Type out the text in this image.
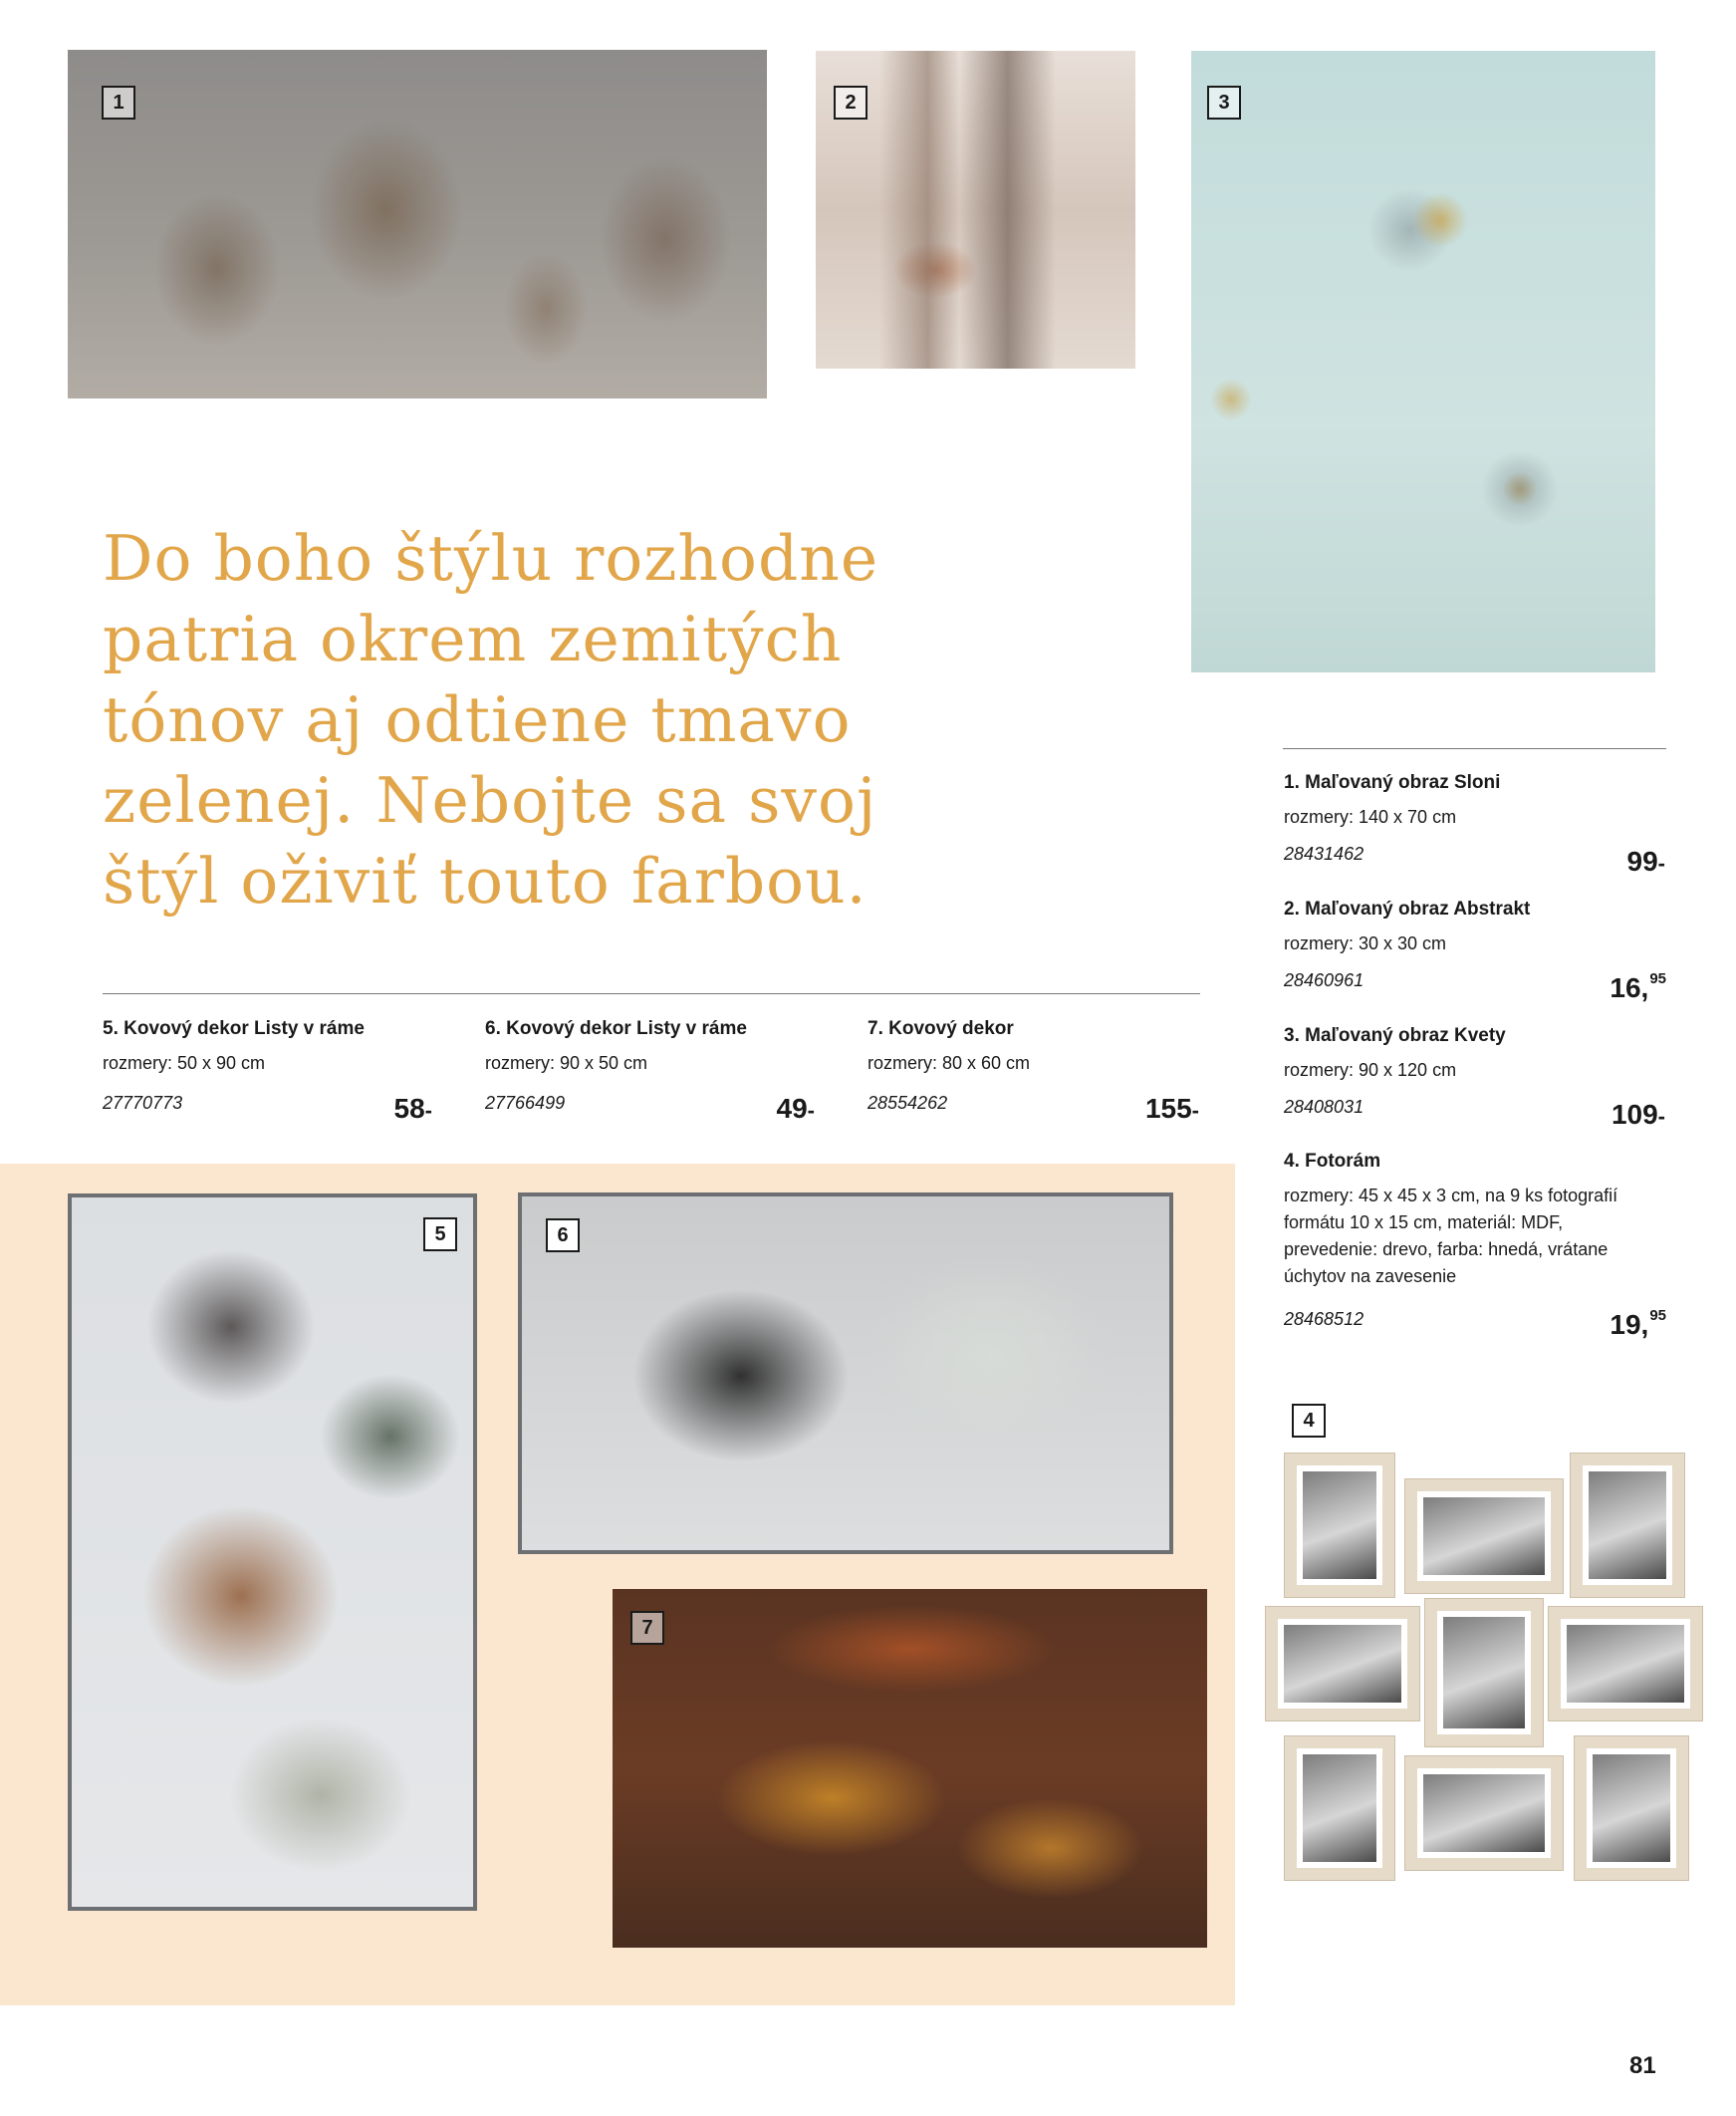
1	2	3
Do boho štýlu rozhodne
patria okrem zemitých
tónov aj odtiene tmavo
zelenej. Nebojte sa svoj
štýl oživiť touto farbou.
1. Maľovaný obraz Sloni
rozmery: 140 x 70 cm
28431462	99-
2. Maľovaný obraz Abstrakt
rozmery: 30 x 30 cm
28460961	16,95
3. Maľovaný obraz Kvety
rozmery: 90 x 120 cm
28408031	109-
4. Fotorám
rozmery: 45 x 45 x 3 cm, na 9 ks fotografií formátu 10 x 15 cm, materiál: MDF, prevedenie: drevo, farba: hnedá, vrátane úchytov na zavesenie
28468512	19,95
5. Kovový dekor Listy v ráme
rozmery: 50 x 90 cm
27770773	58-
6. Kovový dekor Listy v ráme
rozmery: 90 x 50 cm
27766499	49-
7. Kovový dekor
rozmery: 80 x 60 cm
28554262	155-
5	6
7
4
81
